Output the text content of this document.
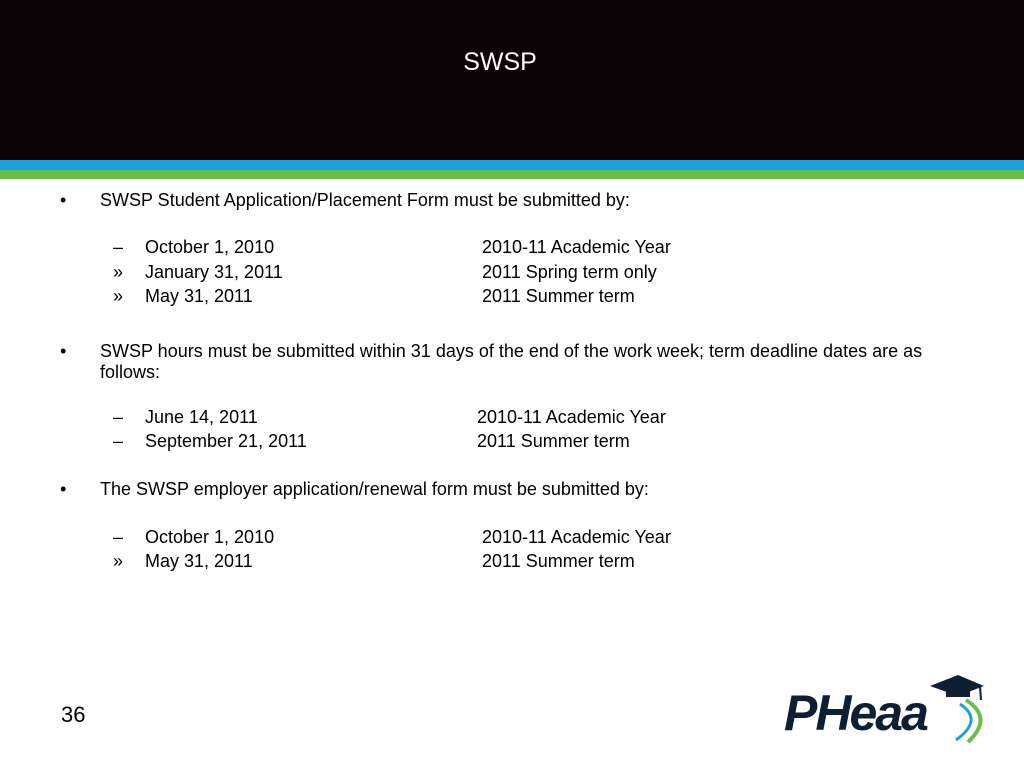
SWSP
•	SWSP Student Application/Placement Form must be submitted by:
–	October 1, 2010	2010-11 Academic Year
»	January 31, 2011	2011 Spring term only
»	May 31, 2011	2011 Summer term
•	SWSP hours must be submitted within 31 days of the end of the work week; term deadline dates are as follows:
–	June 14, 2011	2010-11 Academic Year
–	September 21, 2011	2011 Summer term
•	The SWSP employer application/renewal form must be submitted by:
–	October 1, 2010	2010-11 Academic Year
»	May 31, 2011	2011 Summer term
36	PHeaa
